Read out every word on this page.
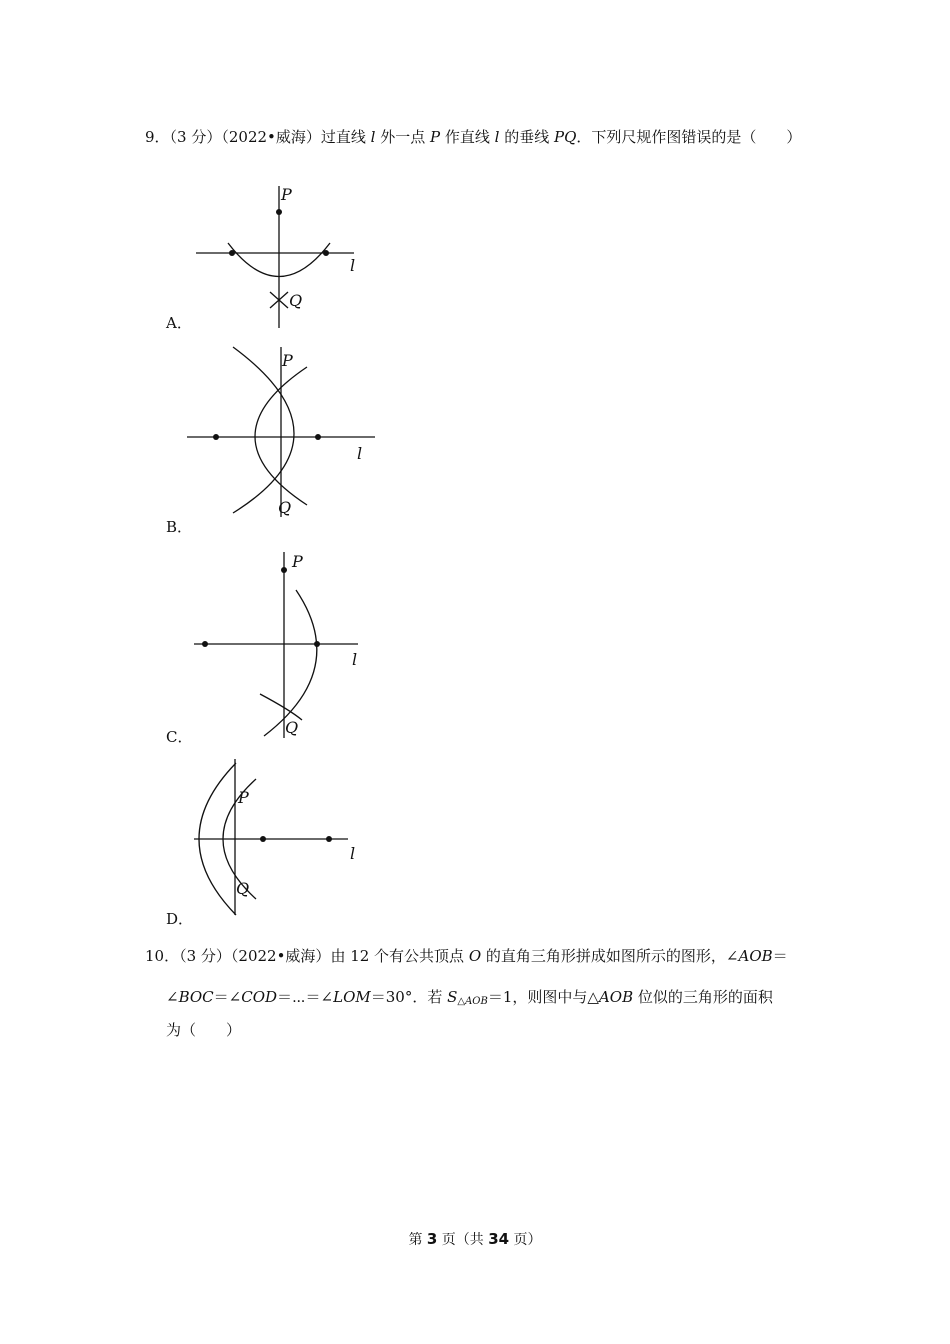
9．（3 分）（2022•威海）过直线 l 外一点 P 作直线 l 的垂线 PQ．下列尺规作图错误的是（　　）
P
l
Q
A．
P
l
Q
B．
P
l
Q
C．
P
l
Q
D．
10．（3 分）（2022•威海）由 12 个有公共顶点 O 的直角三角形拼成如图所示的图形，∠AOB＝
∠BOC＝∠COD＝⋯＝∠LOM＝30°．若 $S_{\triangle AOB}=1$，则图中与△AOB 位似的三角形的面积
为（　　）
第 3 页（共 34 页）
